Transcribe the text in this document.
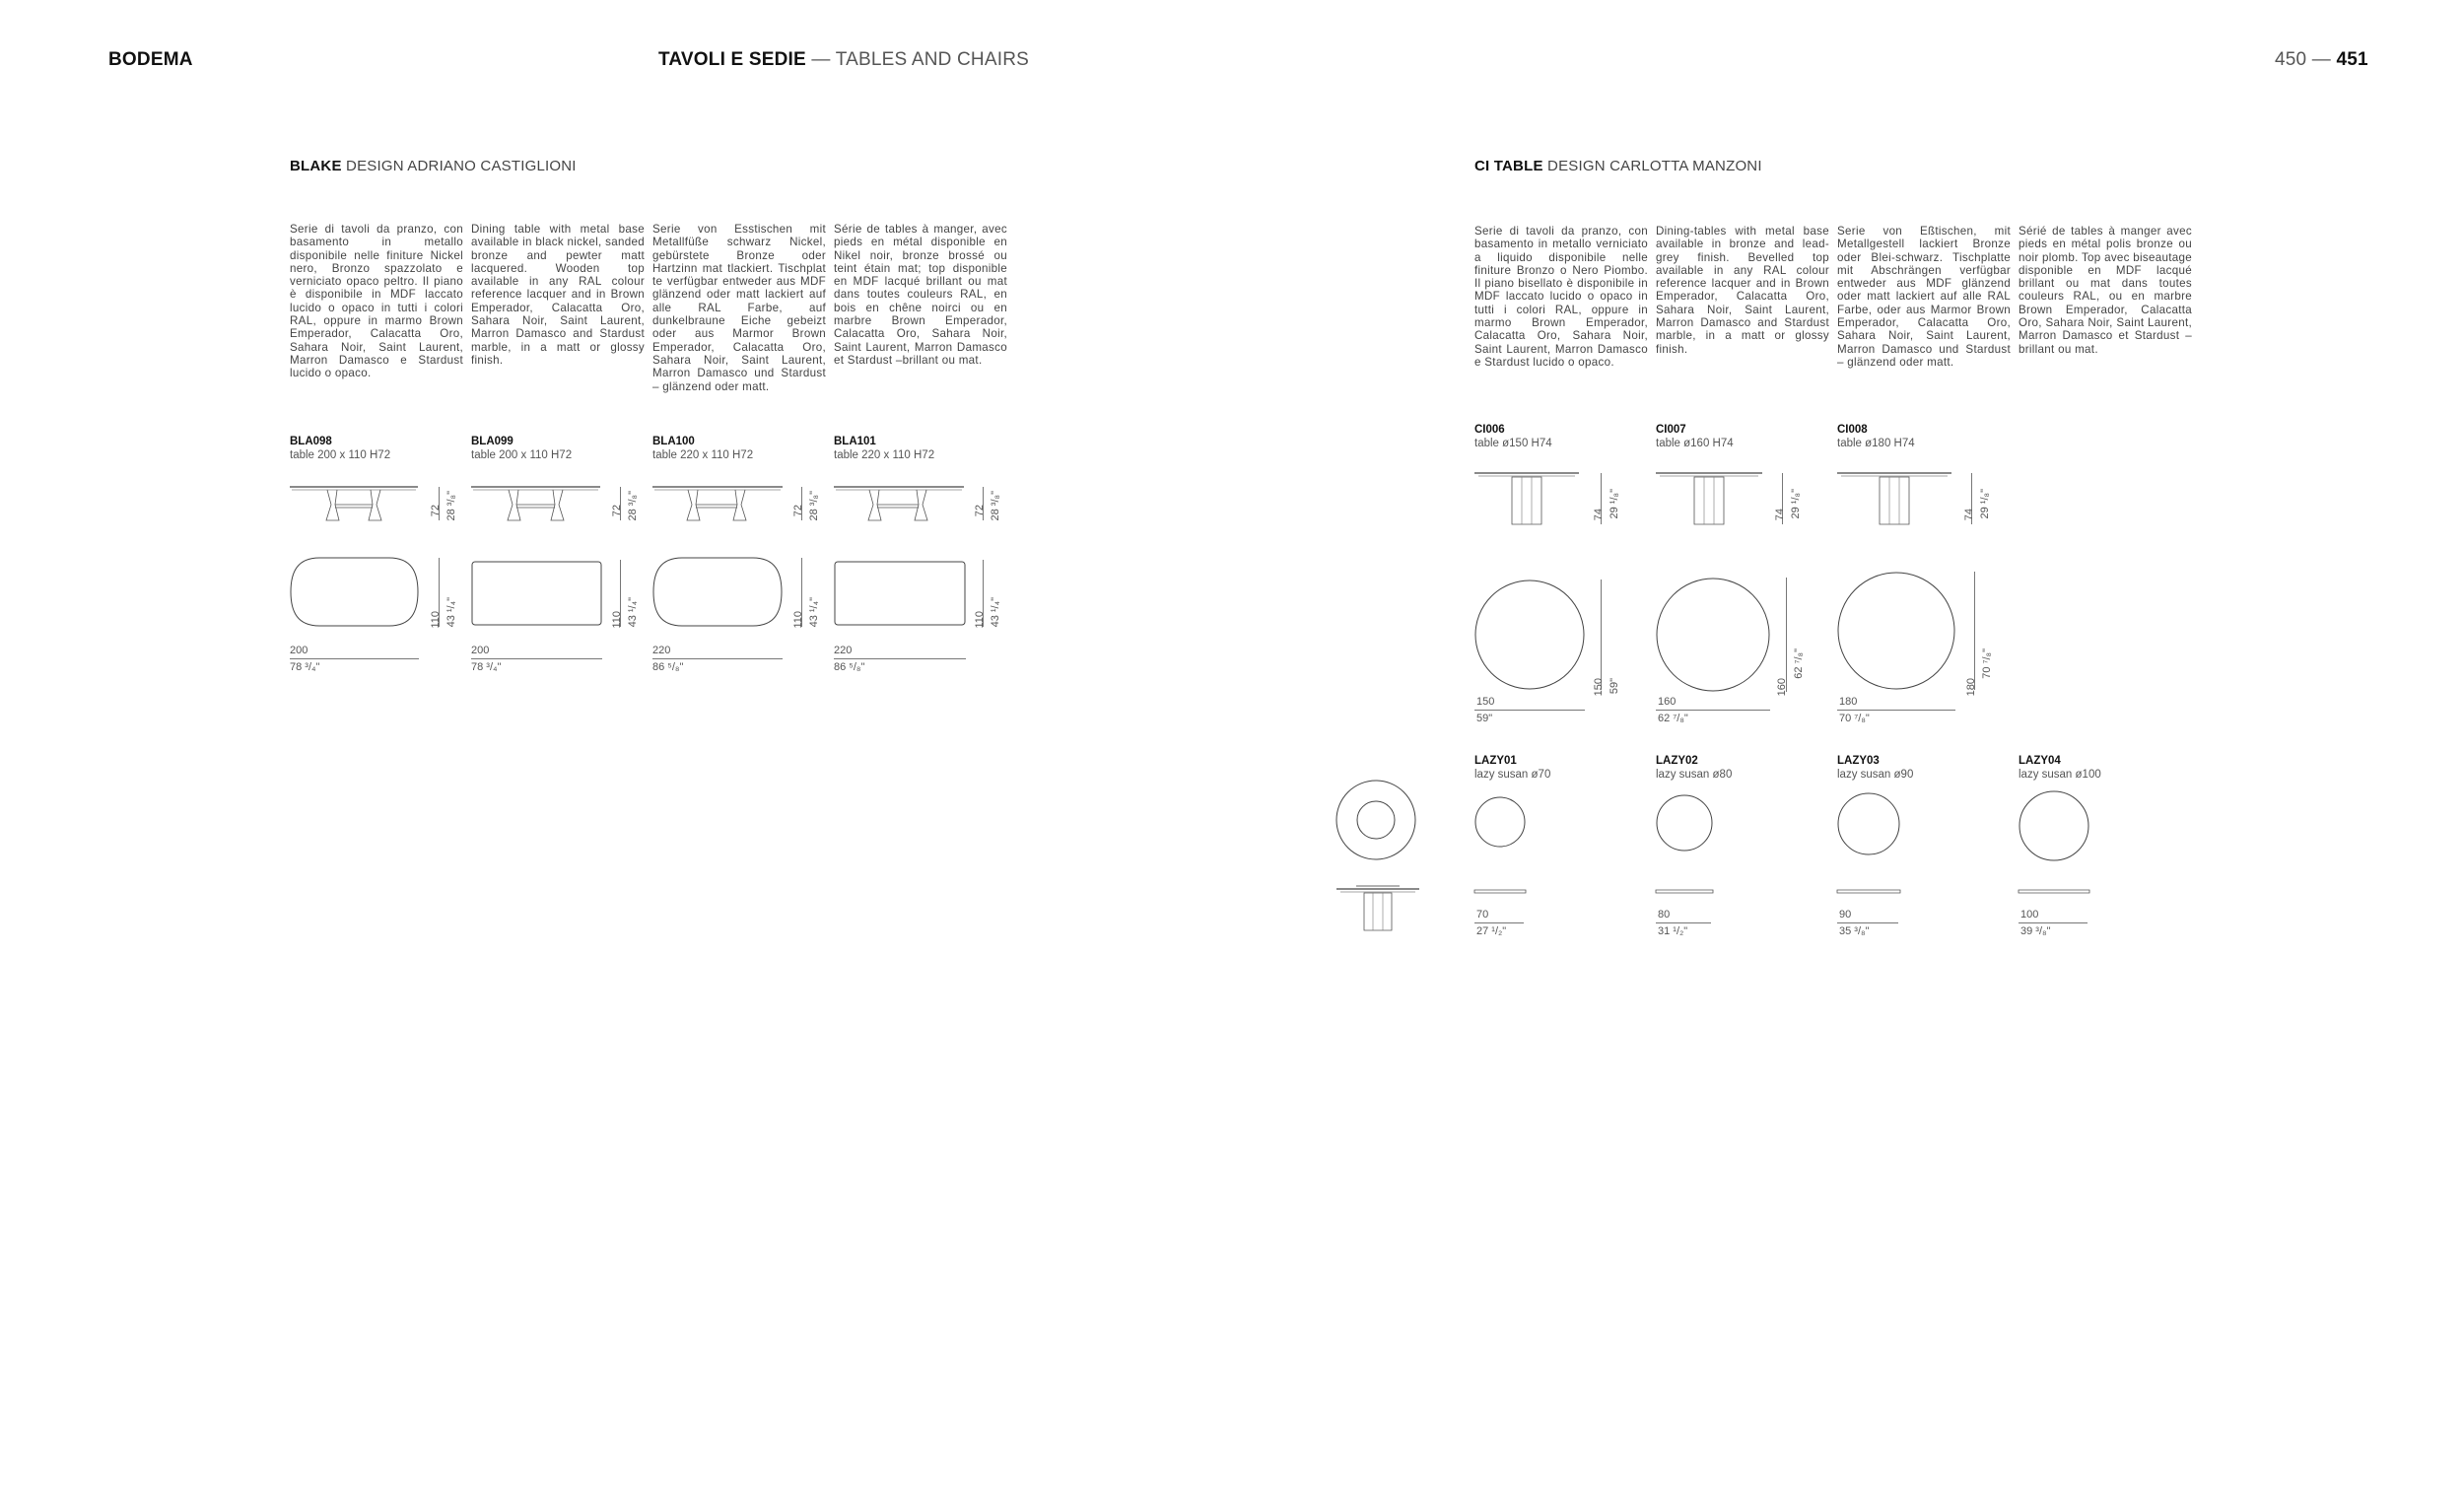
BODEMA	TAVOLI E SEDIE — TABLES AND CHAIRS	450 — 451
BLAKE DESIGN ADRIANO CASTIGLIONI
Serie di tavoli da pranzo, con basamento in metallo disponibile nelle finiture Nickel nero, Bronzo spazzolato e verniciato opaco peltro. Il piano è disponibile in MDF laccato lucido o opaco in tutti i colori RAL, oppure in marmo Brown Emperador, Calacatta Oro, Sahara Noir, Saint Laurent, Marron Damasco e Stardust lucido o opaco.
Dining table with metal base available in black nickel, sanded bronze and pewter matt lacquered. Wooden top available in any RAL colour reference lacquer and in Brown Emperador, Calacatta Oro, Sahara Noir, Saint Laurent, Marron Damasco and Stardust marble, in a matt or glossy finish.
Serie von Esstischen mit Metallfüße schwarz Nickel, gebürstete Bronze oder Hartzinn mat tlackiert. Tischplat te verfügbar entweder aus MDF glänzend oder matt lackiert auf alle RAL Farbe, auf dunkelbraune Eiche gebeizt oder aus Marmor Brown Emperador, Calacatta Oro, Sahara Noir, Saint Laurent, Marron Damasco und Stardust – glänzend oder matt.
Série de tables à manger, avec pieds en métal disponible en Nikel noir, bronze brossé ou teint étain mat; top disponible en MDF lacqué brillant ou mat dans toutes couleurs RAL, en bois en chêne noirci ou en marbre Brown Emperador, Calacatta Oro, Sahara Noir, Saint Laurent, Marron Damasco et Stardust –brillant ou mat.
BLA098
table 200 x 110 H72
72 28 ³/₈"
110 43 ¹/₄"
200
78 ³/₄"
BLA099
table 200 x 110 H72
72 28 ³/₈"
110 43 ¹/₄"
200
78 ³/₄"
BLA100
table 220 x 110 H72
72 28 ³/₈"
110 43 ¹/₄"
220
86 ⁵/₈"
BLA101
table 220 x 110 H72
72 28 ³/₈"
110 43 ¹/₄"
220
86 ⁵/₈"
CI TABLE DESIGN CARLOTTA MANZONI
Serie di tavoli da pranzo, con basamento in metallo verniciato a liquido disponibile nelle finiture Bronzo o Nero Piombo. Il piano bisellato è disponibile in MDF laccato lucido o opaco in tutti i colori RAL, oppure in marmo Brown Emperador, Calacatta Oro, Sahara Noir, Saint Laurent, Marron Damasco e Stardust lucido o opaco.
Dining-tables with metal base available in bronze and lead-grey finish. Bevelled top available in any RAL colour reference lacquer and in Brown Emperador, Calacatta Oro, Sahara Noir, Saint Laurent, Marron Damasco and Stardust marble, in a matt or glossy finish.
Serie von Eßtischen, mit Metallgestell lackiert Bronze oder Blei-schwarz. Tischplatte mit Abschrängen verfügbar entweder aus MDF glänzend oder matt lackiert auf alle RAL Farbe, oder aus Marmor Brown Emperador, Calacatta Oro, Sahara Noir, Saint Laurent, Marron Damasco und Stardust – glänzend oder matt.
Sérié de tables à manger avec pieds en métal polis bronze ou noir plomb. Top avec biseautage disponible en MDF lacqué brillant ou mat dans toutes couleurs RAL, ou en marbre Brown Emperador, Calacatta Oro, Sahara Noir, Saint Laurent, Marron Damasco et Stardust – brillant ou mat.
CI006
table ø150 H74
74 29 ¹/₈"
150 59"
150
59"
CI007
table ø160 H74
74 29 ¹/₈"
160
62 ⁷/₈"
160
62 ⁷/₈"
CI008
table ø180 H74
74 29 ¹/₈"
180
70 ⁷/₈"
180
70 ⁷/₈"
LAZY01
lazy susan ø70
70
27 ¹/₂"
LAZY02
lazy susan ø80
80
31 ¹/₂"
LAZY03
lazy susan ø90
90
35 ³/₈"
LAZY04
lazy susan ø100
100
39 ³/₈"
